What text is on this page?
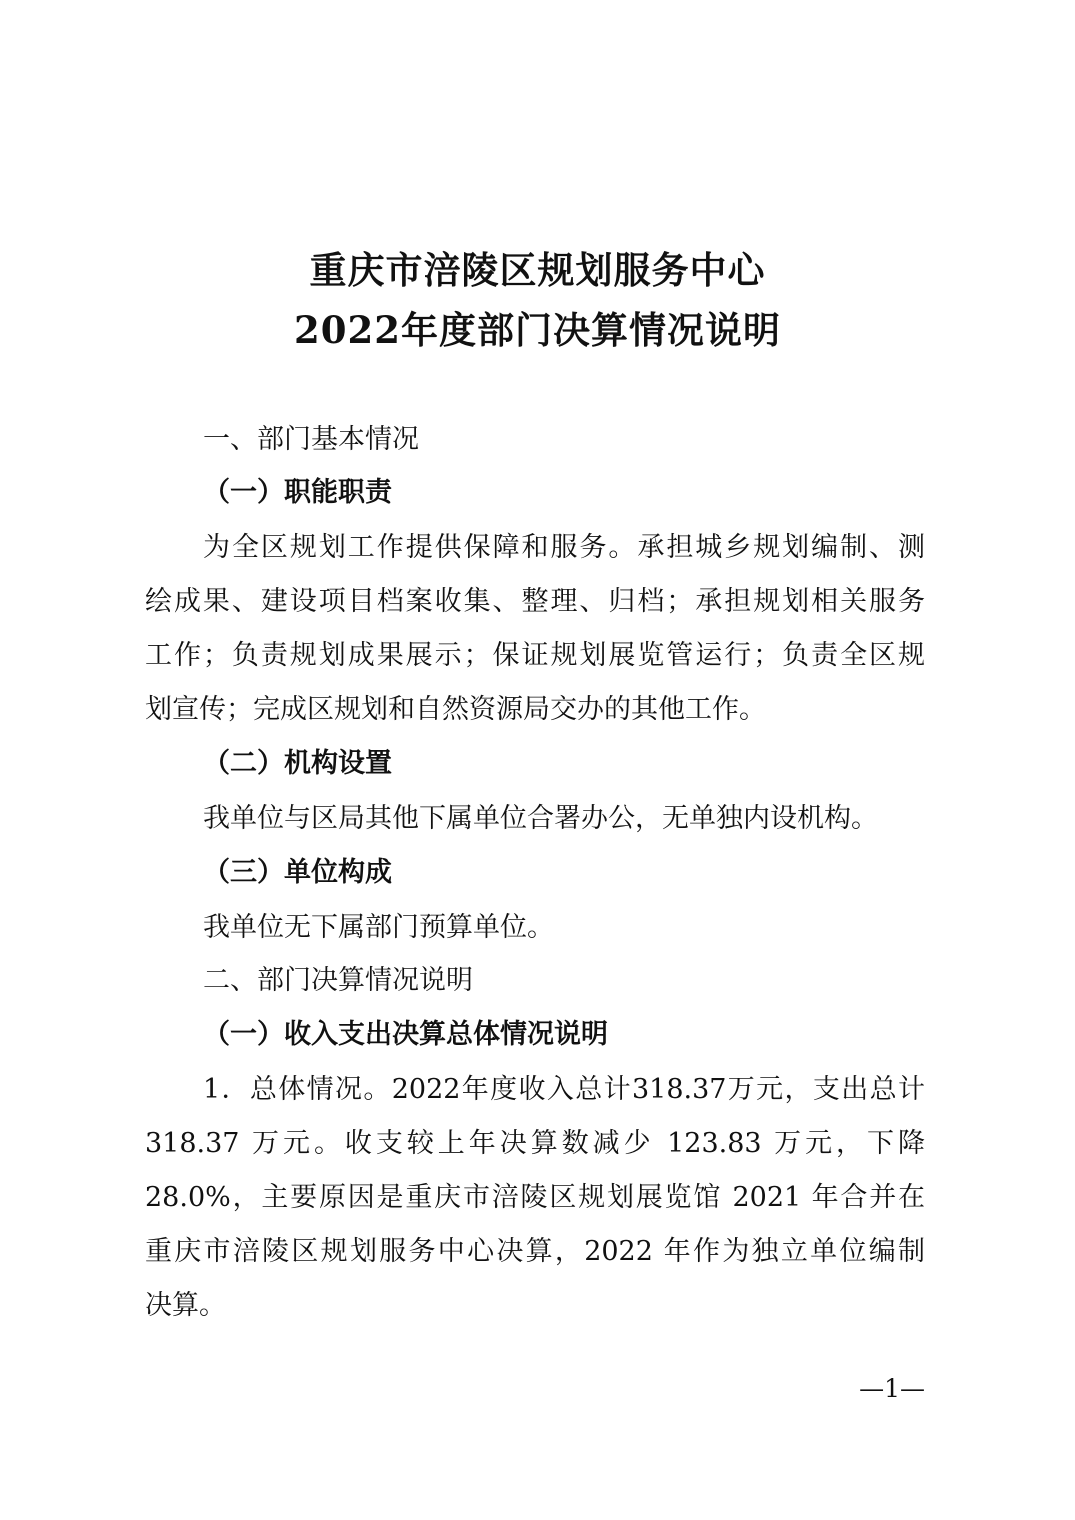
重庆市涪陵区规划服务中心
2022年度部门决算情况说明
一、部门基本情况
（一）职能职责
为全区规划工作提供保障和服务。承担城乡规划编制、测
绘成果、建设项目档案收集、整理、归档；承担规划相关服务
工作；负责规划成果展示；保证规划展览管运行；负责全区规
划宣传；完成区规划和自然资源局交办的其他工作。
（二）机构设置
我单位与区局其他下属单位合署办公，无单独内设机构。
（三）单位构成
我单位无下属部门预算单位。
二、部门决算情况说明
（一）收入支出决算总体情况说明
1．总体情况。2022年度收入总计318.37万元，支出总计
318.37 万元。收支较上年决算数减少 123.83 万元，下降
28.0%，主要原因是重庆市涪陵区规划展览馆 2021 年合并在
重庆市涪陵区规划服务中心决算，2022 年作为独立单位编制
决算。
—1—
